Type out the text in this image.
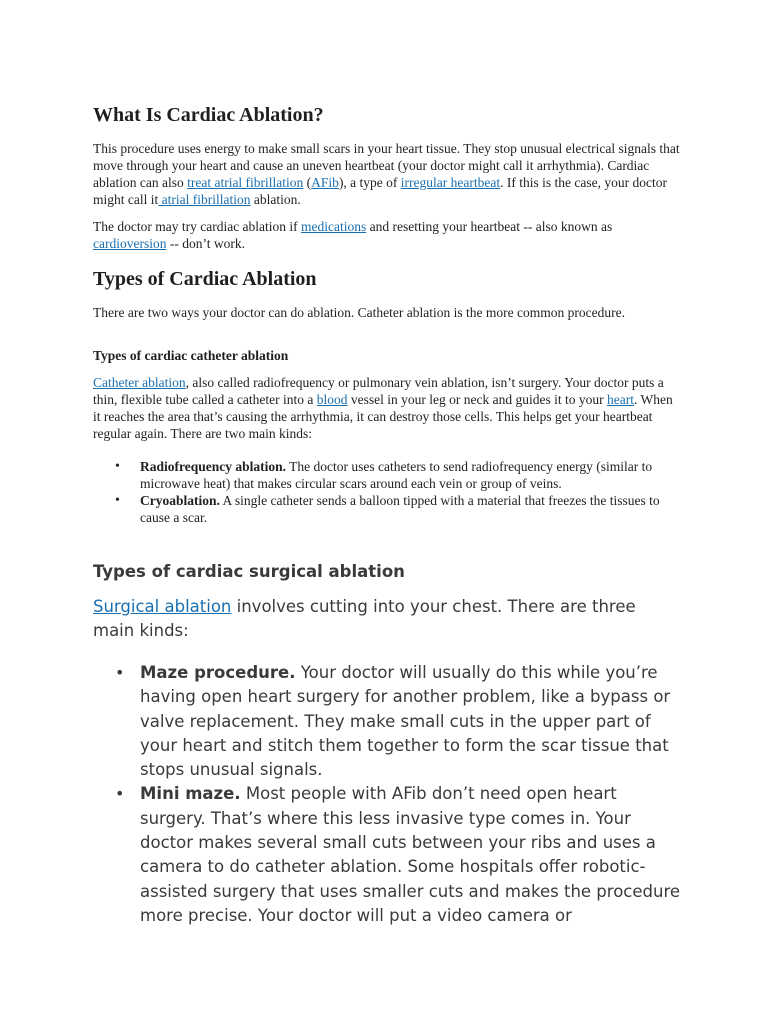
What Is Cardiac Ablation?

This procedure uses energy to make small scars in your heart tissue. They stop unusual electrical signals that move through your heart and cause an uneven heartbeat (your doctor might call it arrhythmia). Cardiac ablation can also treat atrial fibrillation (AFib), a type of irregular heartbeat. If this is the case, your doctor might call it atrial fibrillation ablation.

The doctor may try cardiac ablation if medications and resetting your heartbeat -- also known as cardioversion -- don’t work.

Types of Cardiac Ablation

There are two ways your doctor can do ablation. Catheter ablation is the more common procedure.

Types of cardiac catheter ablation

Catheter ablation, also called radiofrequency or pulmonary vein ablation, isn’t surgery. Your doctor puts a thin, flexible tube called a catheter into a blood vessel in your leg or neck and guides it to your heart. When it reaches the area that’s causing the arrhythmia, it can destroy those cells. This helps get your heartbeat regular again. There are two main kinds:

• Radiofrequency ablation. The doctor uses catheters to send radiofrequency energy (similar to microwave heat) that makes circular scars around each vein or group of veins.
• Cryoablation. A single catheter sends a balloon tipped with a material that freezes the tissues to cause a scar.
Types of cardiac surgical ablation

Surgical ablation involves cutting into your chest. There are three main kinds:

• Maze procedure. Your doctor will usually do this while you’re having open heart surgery for another problem, like a bypass or valve replacement. They make small cuts in the upper part of your heart and stitch them together to form the scar tissue that stops unusual signals.
• Mini maze. Most people with AFib don’t need open heart surgery. That’s where this less invasive type comes in. Your doctor makes several small cuts between your ribs and uses a camera to do catheter ablation. Some hospitals offer robotic-assisted surgery that uses smaller cuts and makes the procedure more precise. Your doctor will put a video camera or
